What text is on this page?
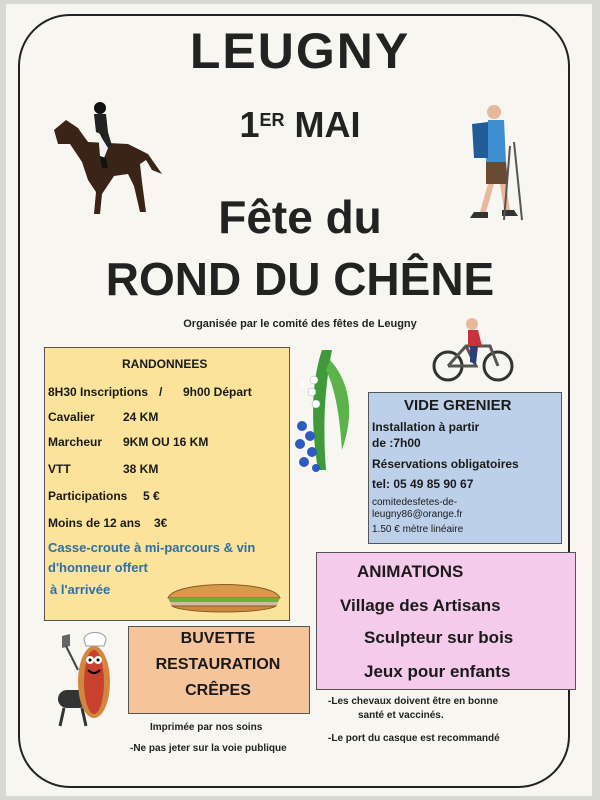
LEUGNY
1ER MAI
Fête du
ROND DU CHÊNE
Organisée par le comité des fêtes de Leugny
RANDONNEES
8H30 Inscriptions / 9h00 Départ
Cavalier 24 KM
Marcheur 9KM OU 16 KM
VTT	38 KM
Participations 5 €
Moins de 12 ans 3€
Casse-croute à mi-parcours & vin
d'honneur offert
à l'arrivée
VIDE GRENIER
Installation à partir
de :7h00
Réservations obligatoires
tel: 05 49 85 90 67
comitedesfetes-de-
leugny86@orange.fr
1.50 € mètre linéaire
ANIMATIONS
Village des Artisans
Sculpteur sur bois
Jeux pour enfants
BUVETTE
RESTAURATION
CRÊPES
Imprimée par nos soins
-Ne pas jeter sur la voie publique
-Les chevaux doivent être en bonne
santé et vaccinés.
-Le port du casque est recommandé
